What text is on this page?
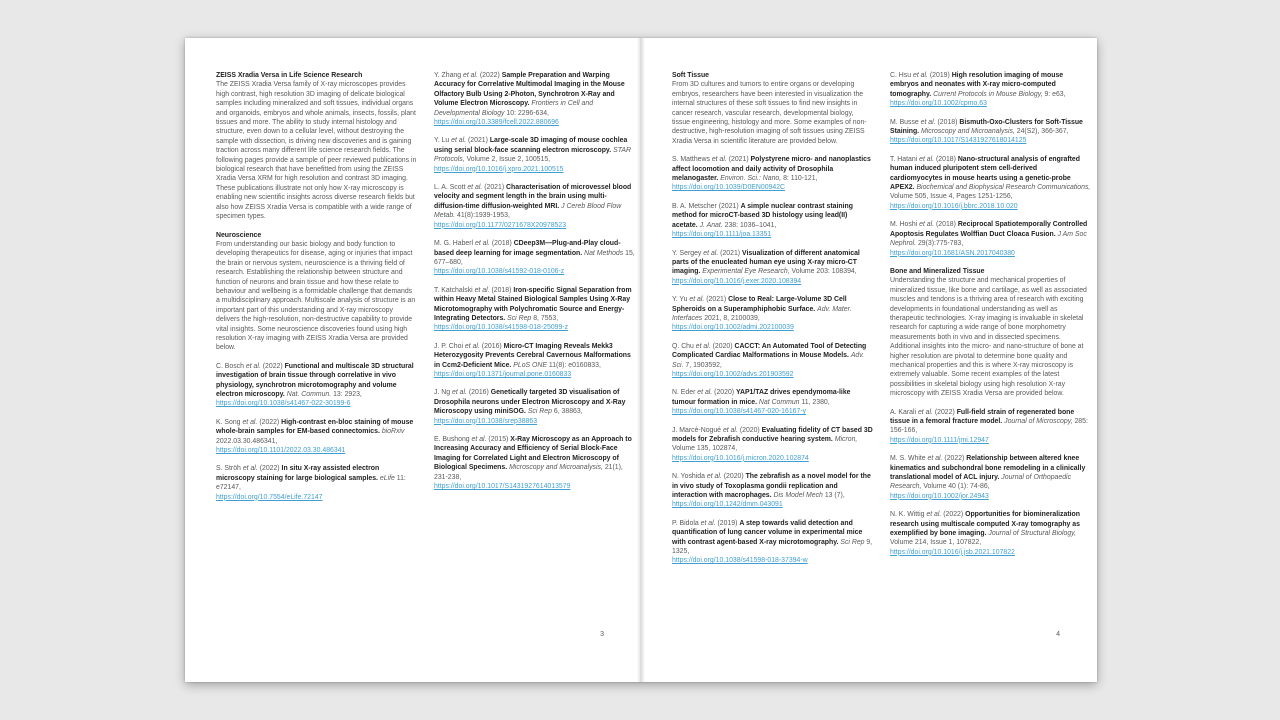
ZEISS Xradia Versa in Life Science Research
The ZEISS Xradia Versa family of X-ray microscopes provides high contrast, high resolution 3D imaging of delicate biological samples including mineralized and soft tissues, individual organs and organoids, embryos and whole animals, insects, fossils, plant tissues and more. The ability to study internal histology and structure, even down to a cellular level, without destroying the sample with dissection, is driving new discoveries and is gaining traction across many different life science research fields. The following pages provide a sample of peer reviewed publications in biological research that have benefitted from using the ZEISS Xradia Versa XRM for high resolution and contrast 3D imaging. These publications illustrate not only how X-ray microscopy is enabling new scientific insights across diverse research fields but also how ZEISS Xradia Versa is compatible with a wide range of specimen types.
Neuroscience
From understanding our basic biology and body function to developing therapeutics for disease, aging or injuries that impact the brain or nervous system, neuroscience is a thriving field of research. Establishing the relationship between structure and function of neurons and brain tissue and how these relate to behaviour and wellbeing is a formidable challenge that demands a multidisciplinary approach. Multiscale analysis of structure is an important part of this understanding and X-ray microscopy delivers the high-resolution, non-destructive capability to provide vital insights. Some neuroscience discoveries found using high resolution X-ray imaging with ZEISS Xradia Versa are provided below.
C. Bosch et al. (2022) Functional and multiscale 3D structural investigation of brain tissue through correlative in vivo physiology, synchrotron microtomography and volume electron microscopy. Nat. Commun. 13: 2923,
https://doi.org/10.1038/s41467-022-30199-6
K. Song et al. (2022) High-contrast en-bloc staining of mouse whole-brain samples for EM-based connectomics. bioRxiv 2022.03.30.486341,
https://doi.org/10.1101/2022.03.30.486341
S. Ströh et al. (2022) In situ X-ray assisted electron microscopy staining for large biological samples. eLife 11: e72147,
https://doi.org/10.7554/eLife.72147
Y. Zhang et al. (2022) Sample Preparation and Warping Accuracy for Correlative Multimodal Imaging in the Mouse Olfactory Bulb Using 2-Photon, Synchrotron X-Ray and Volume Electron Microscopy. Frontiers in Cell and Developmental Biology 10: 2296-634,
https://doi.org/10.3389/fcell.2022.880696
Y. Lu et al. (2021) Large-scale 3D imaging of mouse cochlea using serial block-face scanning electron microscopy. STAR Protocols, Volume 2, Issue 2, 100515,
https://doi.org/10.1016/j.xpro.2021.100515
L. A. Scott et al. (2021) Characterisation of microvessel blood velocity and segment length in the brain using multi-diffusion-time diffusion-weighted MRI. J Cereb Blood Flow Metab. 41(8):1939-1953,
https://doi.org/10.1177/0271678X20978523
M. G. Haberl et al. (2018) CDeep3M—Plug-and-Play cloud-based deep learning for image segmentation. Nat Methods 15, 677–680,
https://doi.org/10.1038/s41592-018-0106-z
T. Katchalski et al. (2018) Iron-specific Signal Separation from within Heavy Metal Stained Biological Samples Using X-Ray Microtomography with Polychromatic Source and Energy-Integrating Detectors. Sci Rep 8, 7553,
https://doi.org/10.1038/s41598-018-25099-z
J. P. Choi et al. (2016) Micro-CT Imaging Reveals Mekk3 Heterozygosity Prevents Cerebral Cavernous Malformations in Ccm2-Deficient Mice. PLoS ONE 11(8): e0160833,
https://doi.org/10.1371/journal.pone.0160833
J. Ng et al. (2016) Genetically targeted 3D visualisation of Drosophila neurons under Electron Microscopy and X-Ray Microscopy using miniSOG. Sci Rep 6, 38863,
https://doi.org/10.1038/srep38863
E. Bushong et al. (2015) X-Ray Microscopy as an Approach to Increasing Accuracy and Efficiency of Serial Block-Face Imaging for Correlated Light and Electron Microscopy of Biological Specimens. Microscopy and Microanalysis, 21(1), 231-238,
https://doi.org/10.1017/S1431927614013579
3
Soft Tissue
From 3D cultures and tumors to entire organs or developing embryos, researchers have been interested in visualization the internal structures of these soft tissues to find new insights in cancer research, vascular research, developmental biology, tissue engineering, histology and more. Some examples of non-destructive, high-resolution imaging of soft tissues using ZEISS Xradia Versa in scientific literature are provided below.
S. Matthews et al. (2021) Polystyrene micro- and nanoplastics affect locomotion and daily activity of Drosophila melanogaster. Environ. Sci.: Nano, 8: 110-121,
https://doi.org/10.1039/D0EN00942C
B. A. Metscher (2021) A simple nuclear contrast staining method for microCT-based 3D histology using lead(II) acetate. J. Anat. 238: 1036–1041,
https://doi.org/10.1111/joa.13351
Y. Sergey et al. (2021) Visualization of different anatomical parts of the enucleated human eye using X-ray micro-CT imaging. Experimental Eye Research, Volume 203: 108394,
https://doi.org/10.1016/j.exer.2020.108394
Y. Yu et al. (2021) Close to Real: Large-Volume 3D Cell Spheroids on a Superamphiphobic Surface. Adv. Mater. Interfaces 2021, 8, 2100039,
https://doi.org/10.1002/admi.202100039
Q. Chu et al. (2020) CACCT: An Automated Tool of Detecting Complicated Cardiac Malformations in Mouse Models. Adv. Sci. 7, 1903592,
https://doi.org/10.1002/advs.201903592
N. Eder et al. (2020) YAP1/TAZ drives ependymoma-like tumour formation in mice. Nat Commun 11, 2380,
https://doi.org/10.1038/s41467-020-16167-y
J. Marcè-Nogué et al. (2020) Evaluating fidelity of CT based 3D models for Zebrafish conductive hearing system. Micron, Volume 135, 102874,
https://doi.org/10.1016/j.micron.2020.102874
N. Yoshida et al. (2020) The zebrafish as a novel model for the in vivo study of Toxoplasma gondii replication and interaction with macrophages. Dis Model Mech 13 (7),
https://doi.org/10.1242/dmm.043091
P. Bidola et al. (2019) A step towards valid detection and quantification of lung cancer volume in experimental mice with contrast agent-based X-ray microtomography. Sci Rep 9, 1325,
https://doi.org/10.1038/s41598-018-37394-w
C. Hsu et al. (2019) High resolution imaging of mouse embryos and neonates with X-ray micro-computed tomography. Current Protocols in Mouse Biology, 9: e63,
https://doi.org/10.1002/cpmo.63
M. Busse et al. (2018) Bismuth-Oxo-Clusters for Soft-Tissue Staining. Microscopy and Microanalysis, 24(S2), 366-367,
https://doi.org/10.1017/S1431927618014125
T. Hatani et al. (2018) Nano-structural analysis of engrafted human induced pluripotent stem cell-derived cardiomyocytes in mouse hearts using a genetic-probe APEX2. Biochemical and Biophysical Research Communications, Volume 505, Issue 4, Pages 1251-1256,
https://doi.org/10.1016/j.bbrc.2018.10.020
M. Hoshi et al. (2018) Reciprocal Spatiotemporally Controlled Apoptosis Regulates Wolffian Duct Cloaca Fusion. J Am Soc Nephrol. 29(3):775-783,
https://doi.org/10.1681/ASN.2017040380
Bone and Mineralized Tissue
Understanding the structure and mechanical properties of mineralized tissue, like bone and cartilage, as well as associated muscles and tendons is a thriving area of research with exciting developments in foundational understanding as well as therapeutic technologies. X-ray imaging is invaluable in skeletal research for capturing a wide range of bone morphometry measurements both in vivo and in dissected specimens. Additional insights into the micro- and nano-structure of bone at higher resolution are pivotal to determine bone quality and mechanical properties and this is where X-ray microscopy is extremely valuable. Some recent examples of the latest possibilities in skeletal biology using high resolution X-ray microscopy with ZEISS Xradia Versa are provided below.
A. Karali et al. (2022) Full-field strain of regenerated bone tissue in a femoral fracture model. Journal of Microscopy, 285: 156-166,
https://doi.org/10.1111/jmi.12947
M. S. White et al. (2022) Relationship between altered knee kinematics and subchondral bone remodeling in a clinically translational model of ACL injury. Journal of Orthopaedic Research, Volume 40 (1): 74-86,
https://doi.org/10.1002/jor.24943
N. K. Wittig et al. (2022) Opportunities for biomineralization research using multiscale computed X-ray tomography as exemplified by bone imaging. Journal of Structural Biology, Volume 214, Issue 1, 107822,
https://doi.org/10.1016/j.jsb.2021.107822
4
